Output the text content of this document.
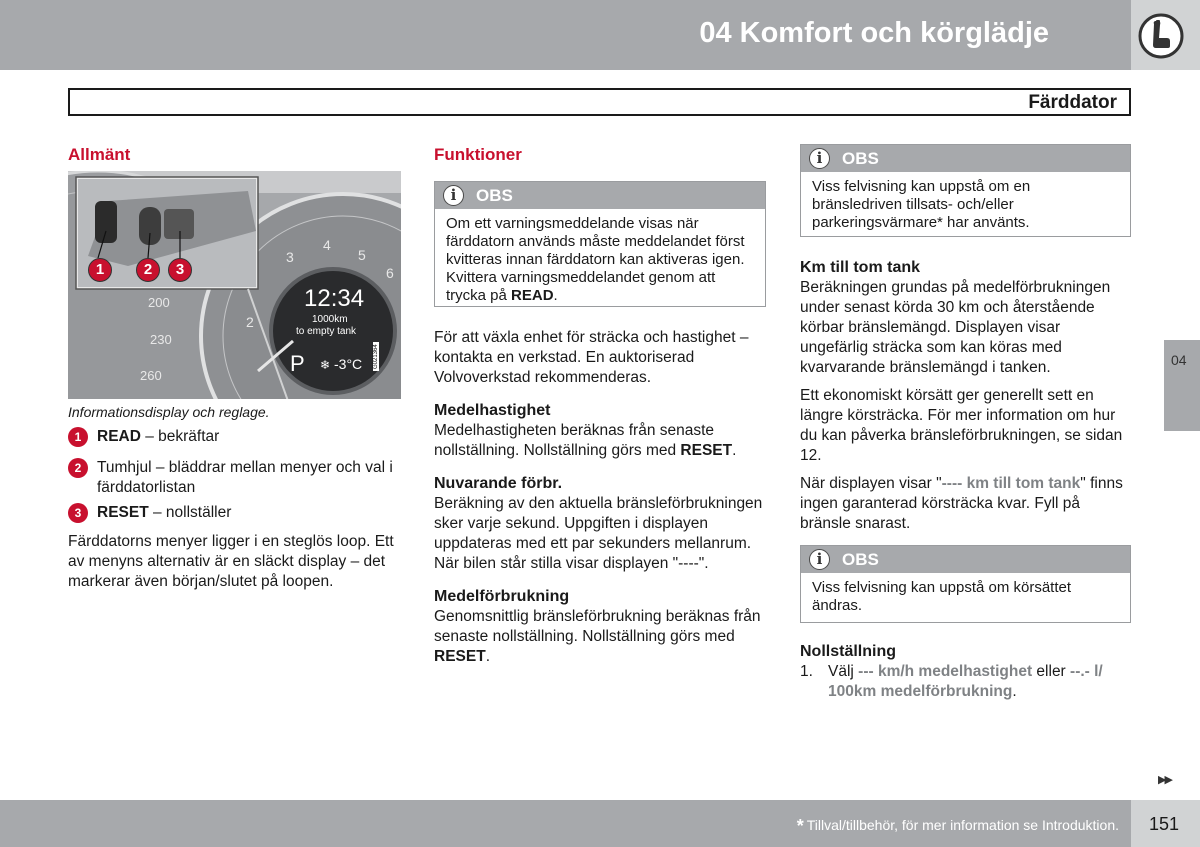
04 Komfort och körglädje
Färddator
04
Allmänt
1	2	3
200
230
260
3
4
5
6
2
12:34
1000km
to empty tank
P ❄ -3°C G021364
Informationsdisplay och reglage.
1 READ – bekräftar
2 Tumhjul – bläddrar mellan menyer och val i färddatorlistan
3 RESET – nollställer
Färddatorns menyer ligger i en steglös loop. Ett av menyns alternativ är en släckt display – det markerar även början/slutet på loopen.
Funktioner
i	OBS
Om ett varningsmeddelande visas när färddatorn används måste meddelandet först kvitteras innan färddatorn kan aktiveras igen. Kvittera varningsmeddelandet genom att trycka på READ.
För att växla enhet för sträcka och hastighet – kontakta en verkstad. En auktoriserad Volvoverkstad rekommenderas.
Medelhastighet
Medelhastigheten beräknas från senaste nollställning. Nollställning görs med RESET.
Nuvarande förbr.
Beräkning av den aktuella bränsleförbrukningen sker varje sekund. Uppgiften i displayen uppdateras med ett par sekunders mellanrum. När bilen står stilla visar displayen "----".
Medelförbrukning
Genomsnittlig bränsleförbrukning beräknas från senaste nollställning. Nollställning görs med RESET.
i	OBS
Viss felvisning kan uppstå om en bränsledriven tillsats- och/eller parkeringsvärmare* har använts.
Km till tom tank
Beräkningen grundas på medelförbrukningen under senast körda 30 km och återstående körbar bränslemängd. Displayen visar ungefärlig sträcka som kan köras med kvarvarande bränslemängd i tanken.
Ett ekonomiskt körsätt ger generellt sett en längre körsträcka. För mer information om hur du kan påverka bränsleförbrukningen, se sidan 12.
När displayen visar "---- km till tom tank" finns ingen garanterad körsträcka kvar. Fyll på bränsle snarast.
i	OBS
Viss felvisning kan uppstå om körsättet ändras.
Nollställning
1. Välj --- km/h medelhastighet eller --.- l/ 100km medelförbrukning.
▶▶
* Tillval/tillbehör, för mer information se Introduktion. 151
